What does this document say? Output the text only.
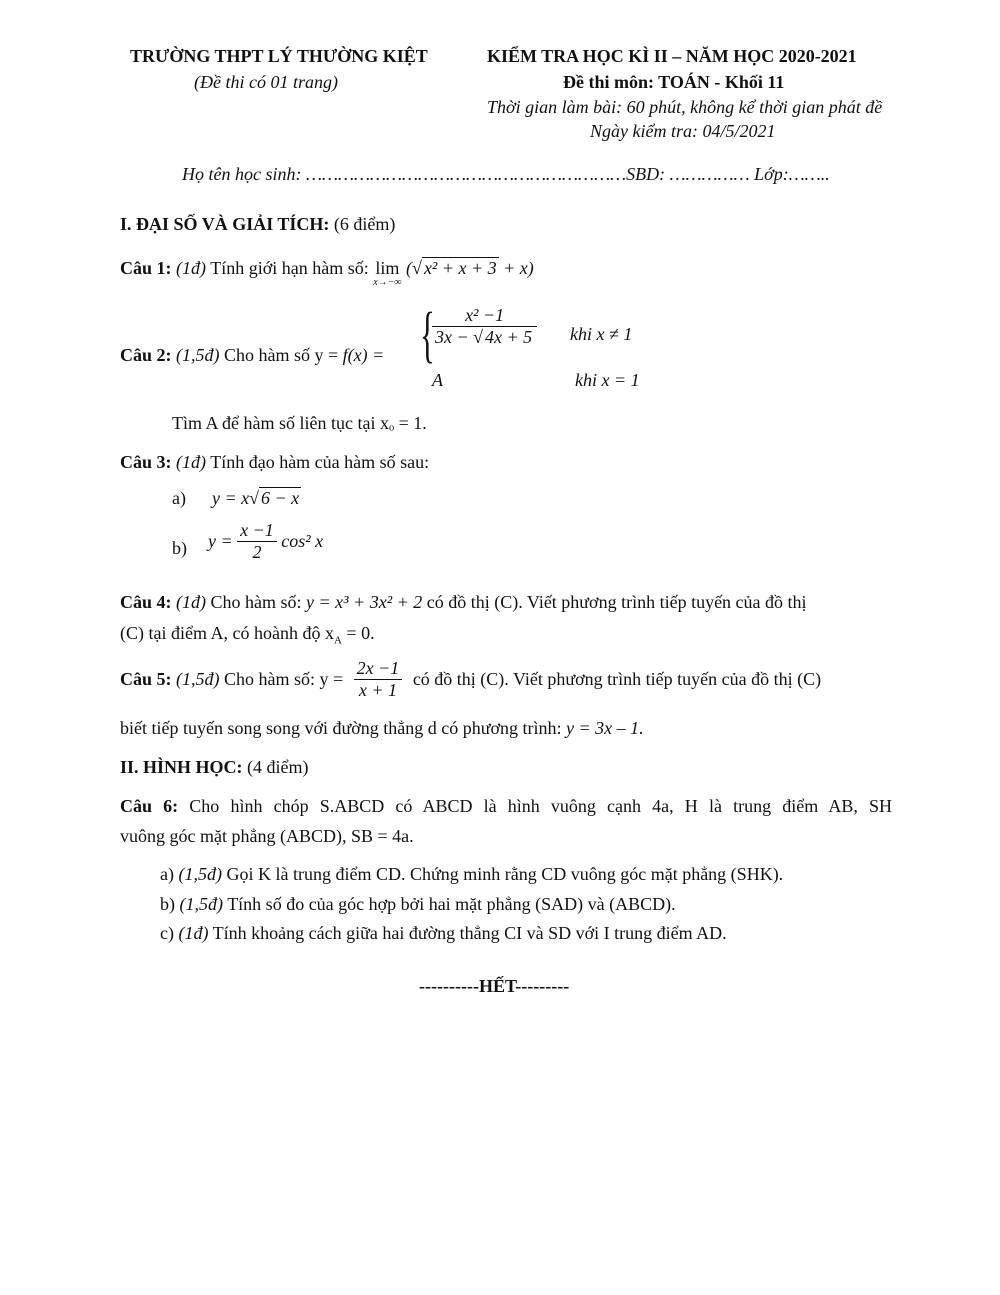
TRƯỜNG THPT LÝ THƯỜNG KIỆT
(Đề thi có 01 trang)
KIỂM TRA HỌC KÌ II – NĂM HỌC 2020-2021
Đề thi môn: TOÁN - Khối 11
Thời gian làm bài: 60 phút, không kể thời gian phát đề
Ngày kiểm tra: 04/5/2021
Họ tên học sinh: ……………………………………………………SBD: …………… Lớp:……..
I. ĐẠI SỐ VÀ GIẢI TÍCH: (6 điểm)
Câu 1: (1đ) Tính giới hạn hàm số: lim
x→−∞
(√ x² + x + 3 + x)
Câu 2: (1,5đ) Cho hàm số y = f(x) = {
$\frac{\text{x² −1}}{3x - √ 4x + 5}$ khi x ≠ 1
A	khi x = 1
Tìm A để hàm số liên tục tại xₒ = 1.
Câu 3: (1đ) Tính đạo hàm của hàm số sau:
a) y = x√ 6 − x
b) $y = \frac{x -1}{2} \cos^2$ x
Câu 4: (1đ) Cho hàm số: y = x³ + 3x² + 2 có đồ thị (C). Viết phương trình tiếp tuyến của đồ thị
(C) tại điểm A, có hoành độ $x_A = 0$.
Câu 5: (1,5đ) Cho hàm số: $y = \frac{2x -1}{x + 1}$ có đồ thị (C). Viết phương trình tiếp tuyến của đồ thị (C)
biết tiếp tuyến song song với đường thẳng d có phương trình: y = 3x – 1.
II. HÌNH HỌC: (4 điểm)
Câu 6: Cho hình chóp S.ABCD có ABCD là hình vuông cạnh 4a, H là trung điểm AB, SH
vuông góc mặt phẳng (ABCD), SB = 4a.
a) (1,5đ) Gọi K là trung điểm CD. Chứng minh rằng CD vuông góc mặt phẳng (SHK).
b) (1,5đ) Tính số đo của góc hợp bởi hai mặt phẳng (SAD) và (ABCD).
c) (1đ) Tính khoảng cách giữa hai đường thẳng CI và SD với I trung điểm AD.
----------HẾT---------
